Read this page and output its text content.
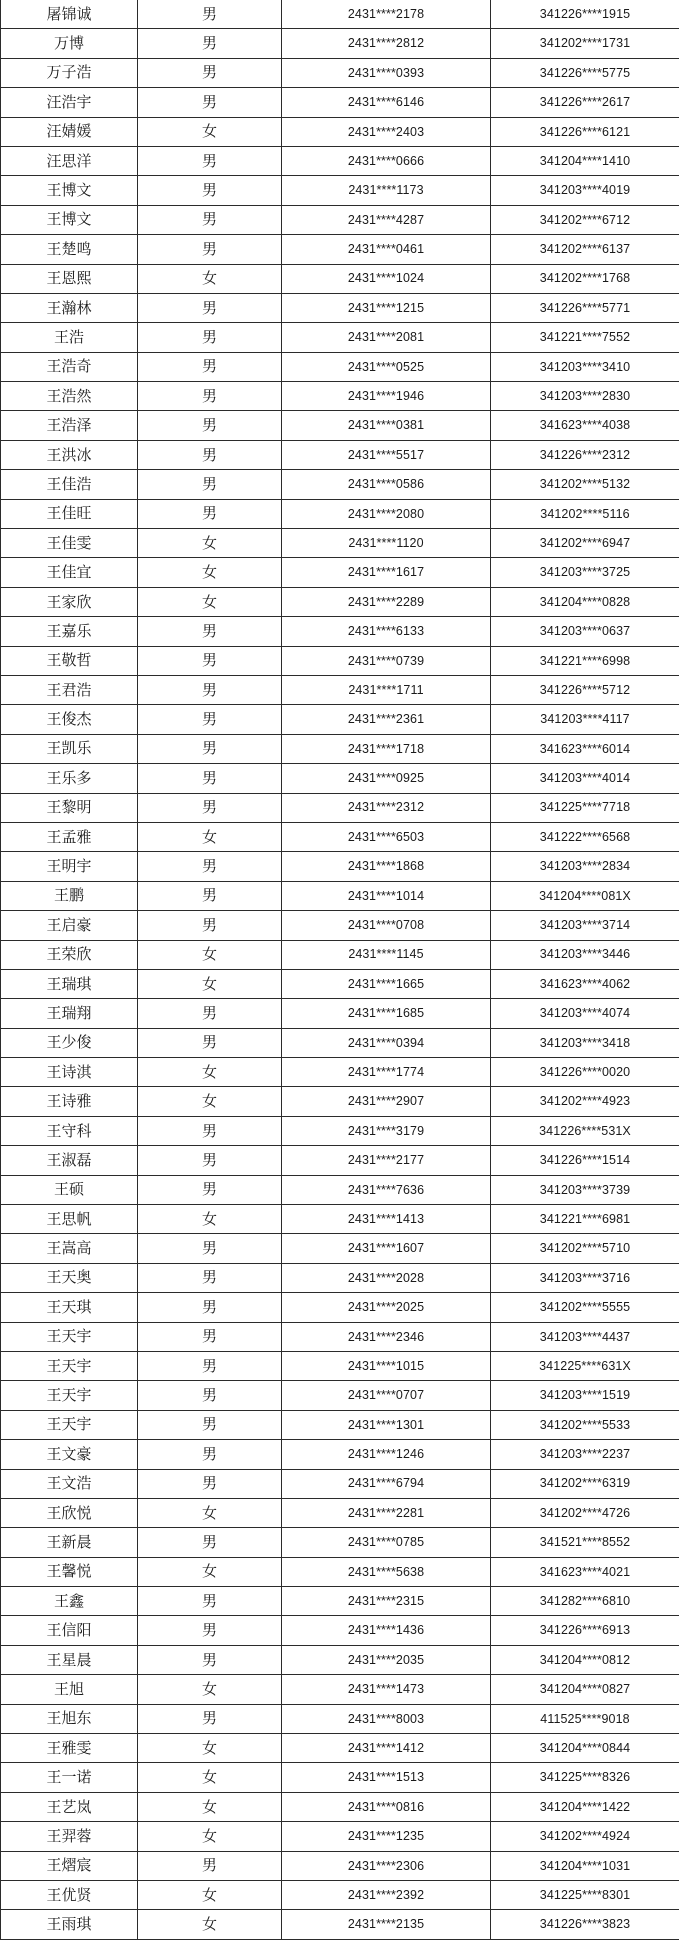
屠锦诚	男	2431****2178	341226****1915
万博	男	2431****2812	341202****1731
万子浩	男	2431****0393	341226****5775
汪浩宇	男	2431****6146	341226****2617
汪婧媛	女	2431****2403	341226****6121
汪思洋	男	2431****0666	341204****1410
王博文	男	2431****1173	341203****4019
王博文	男	2431****4287	341202****6712
王楚鸣	男	2431****0461	341202****6137
王恩熙	女	2431****1024	341202****1768
王瀚林	男	2431****1215	341226****5771
王浩	男	2431****2081	341221****7552
王浩奇	男	2431****0525	341203****3410
王浩然	男	2431****1946	341203****2830
王浩泽	男	2431****0381	341623****4038
王洪冰	男	2431****5517	341226****2312
王佳浩	男	2431****0586	341202****5132
王佳旺	男	2431****2080	341202****5116
王佳雯	女	2431****1120	341202****6947
王佳宜	女	2431****1617	341203****3725
王家欣	女	2431****2289	341204****0828
王嘉乐	男	2431****6133	341203****0637
王敬哲	男	2431****0739	341221****6998
王君浩	男	2431****1711	341226****5712
王俊杰	男	2431****2361	341203****4117
王凯乐	男	2431****1718	341623****6014
王乐多	男	2431****0925	341203****4014
王黎明	男	2431****2312	341225****7718
王孟雅	女	2431****6503	341222****6568
王明宇	男	2431****1868	341203****2834
王鹏	男	2431****1014	341204****081X
王启豪	男	2431****0708	341203****3714
王荣欣	女	2431****1145	341203****3446
王瑞琪	女	2431****1665	341623****4062
王瑞翔	男	2431****1685	341203****4074
王少俊	男	2431****0394	341203****3418
王诗淇	女	2431****1774	341226****0020
王诗雅	女	2431****2907	341202****4923
王守科	男	2431****3179	341226****531X
王淑磊	男	2431****2177	341226****1514
王硕	男	2431****7636	341203****3739
王思帆	女	2431****1413	341221****6981
王嵩高	男	2431****1607	341202****5710
王天奥	男	2431****2028	341203****3716
王天琪	男	2431****2025	341202****5555
王天宇	男	2431****2346	341203****4437
王天宇	男	2431****1015	341225****631X
王天宇	男	2431****0707	341203****1519
王天宇	男	2431****1301	341202****5533
王文豪	男	2431****1246	341203****2237
王文浩	男	2431****6794	341202****6319
王欣悦	女	2431****2281	341202****4726
王新晨	男	2431****0785	341521****8552
王馨悦	女	2431****5638	341623****4021
王鑫	男	2431****2315	341282****6810
王信阳	男	2431****1436	341226****6913
王星晨	男	2431****2035	341204****0812
王旭	女	2431****1473	341204****0827
王旭东	男	2431****8003	411525****9018
王雅雯	女	2431****1412	341204****0844
王一诺	女	2431****1513	341225****8326
王艺岚	女	2431****0816	341204****1422
王羿蓉	女	2431****1235	341202****4924
王熠宸	男	2431****2306	341204****1031
王优贤	女	2431****2392	341225****8301
王雨琪	女	2431****2135	341226****3823
